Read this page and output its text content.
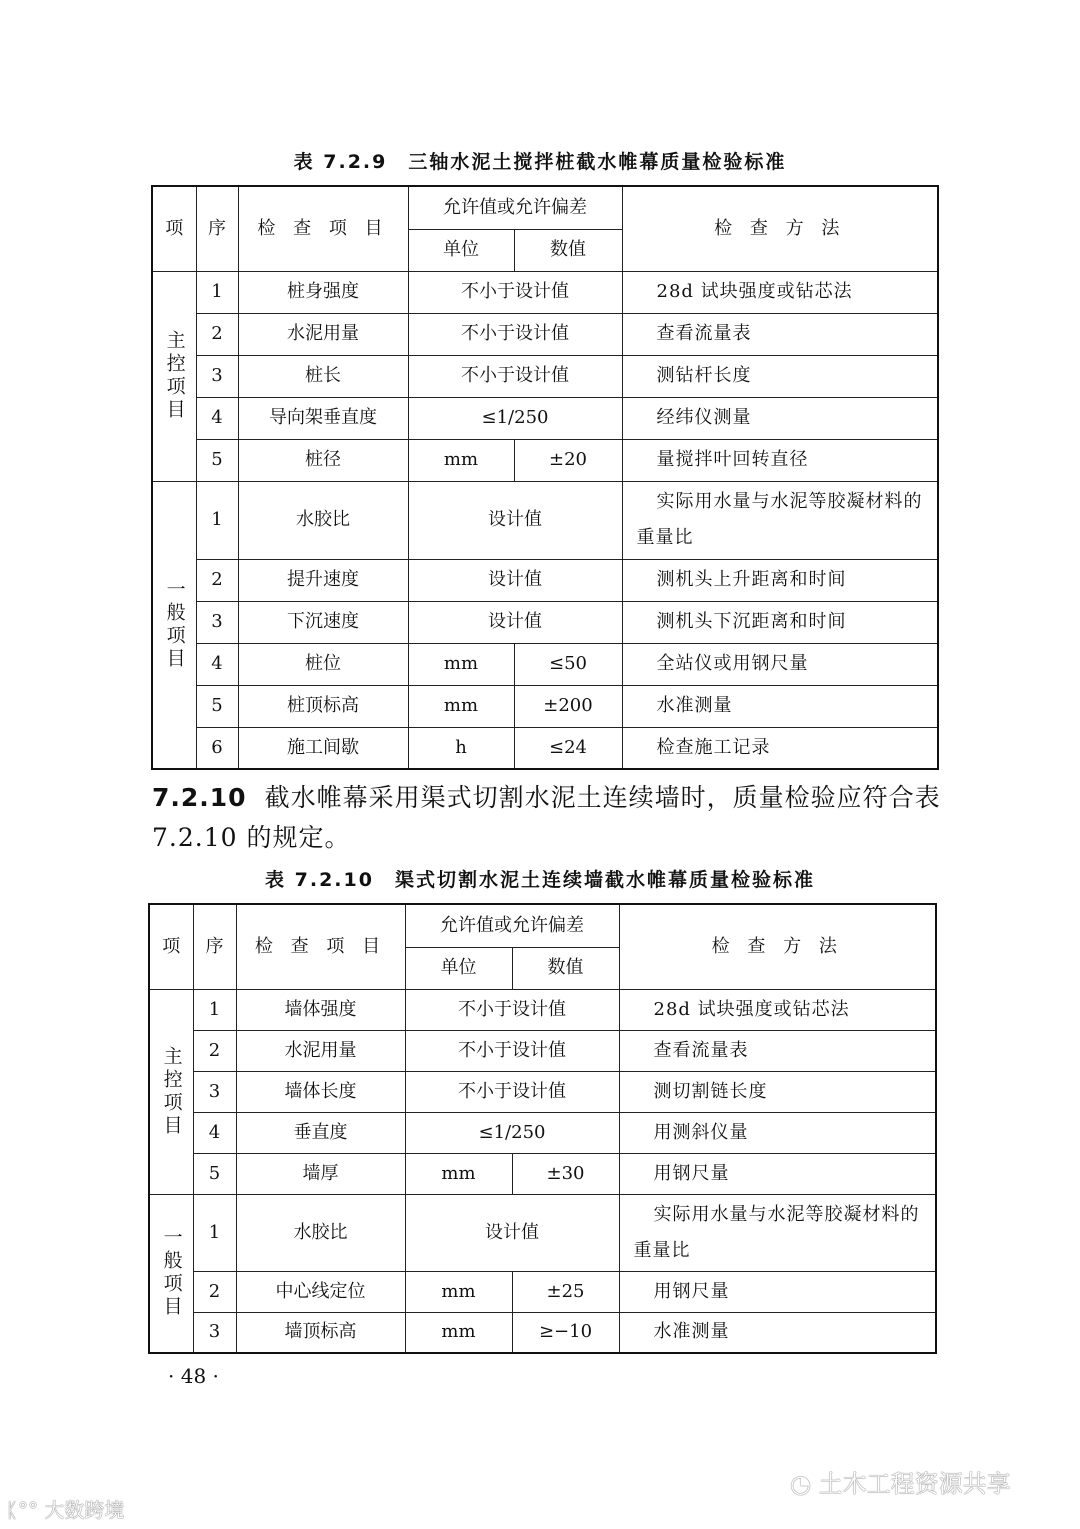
表 7.2.9　三轴水泥土搅拌桩截水帷幕质量检验标准
项	序	检 查 项 目	允许值或允许偏差		检 查 方 法
			单位	数值	
主控项目	1	桩身强度	不小于设计值		28d 试块强度或钻芯法
	2	水泥用量	不小于设计值		查看流量表
	3	桩长	不小于设计值		测钻杆长度
	4	导向架垂直度	≤1/250		经纬仪测量
	5	桩径	mm	±20	量搅拌叶回转直径
一般项目	1	水胶比	设计值		实际用水量与水泥等胶凝材料的重量比
	2	提升速度	设计值		测机头上升距离和时间
	3	下沉速度	设计值		测机头下沉距离和时间
	4	桩位	mm	≤50	全站仪或用钢尺量
	5	桩顶标高	mm	±200	水准测量
	6	施工间歇	h	≤24	检查施工记录
7.2.10 截水帷幕采用渠式切割水泥土连续墙时，质量检验应符合表 7.2.10 的规定。
表 7.2.10　渠式切割水泥土连续墙截水帷幕质量检验标准
项	序	检 查 项 目	允许值或允许偏差		检 查 方 法
			单位	数值	
主控项目	1	墙体强度	不小于设计值		28d 试块强度或钻芯法
	2	水泥用量	不小于设计值		查看流量表
	3	墙体长度	不小于设计值		测切割链长度
	4	垂直度	≤1/250		用测斜仪量
	5	墙厚	mm	±30	用钢尺量
一般项目	1	水胶比	设计值		实际用水量与水泥等胶凝材料的重量比
	2	中心线定位	mm	±25	用钢尺量
	3	墙顶标高	mm	≥−10	水准测量
· 48 ·
ᛕ°° 大数跨境
◔ 土木工程资源共享
